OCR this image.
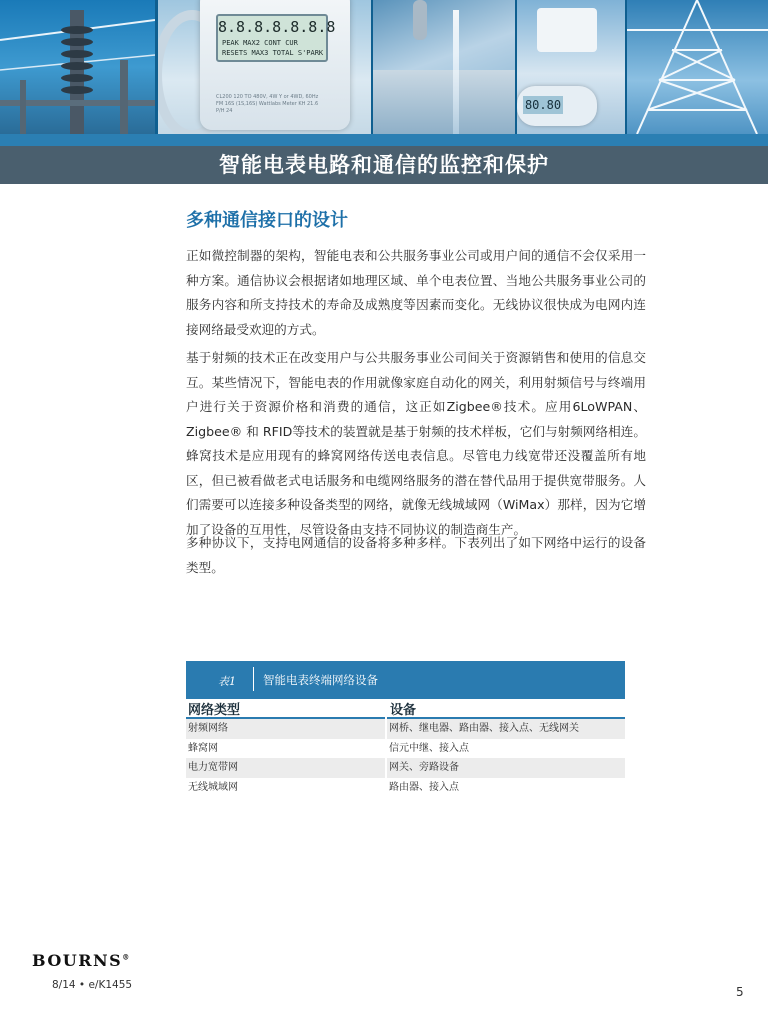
8.8.8.8.8.8.8
PEAK MAX2 CONT CUR RESETS MAX3 TOTAL S'PARK
CL200 120 TO 480V, 4W Y or 4WD, 60Hz FM 16S (1S,16S) Wattlabs Meter KH 21.6 P/H 24	80.80
智能电表电路和通信的监控和保护
多种通信接口的设计

正如微控制器的架构，智能电表和公共服务事业公司或用户间的通信不会仅采用一种方案。通信协议会根据诸如地理区域、单个电表位置、当地公共服务事业公司的服务内容和所支持技术的寿命及成熟度等因素而变化。无线协议很快成为电网内连接网络最受欢迎的方式。

基于射频的技术正在改变用户与公共服务事业公司间关于资源销售和使用的信息交互。某些情况下，智能电表的作用就像家庭自动化的网关，利用射频信号与终端用户进行关于资源价格和消费的通信，这正如Zigbee®技术。应用6LoWPAN、Zigbee® 和 RFID等技术的装置就是基于射频的技术样板，它们与射频网络相连。蜂窝技术是应用现有的蜂窝网络传送电表信息。尽管电力线宽带还没覆盖所有地区，但已被看做老式电话服务和电缆网络服务的潜在替代品用于提供宽带服务。人们需要可以连接多种设备类型的网络，就像无线城域网（WiMax）那样，因为它增加了设备的互用性，尽管设备由支持不同协议的制造商生产。

多种协议下，支持电网通信的设备将多种多样。下表列出了如下网络中运行的设备类型。

表1 智能电表终端网络设备
网络类型	设备
射频网络	网桥、继电器、路由器、接入点、无线网关
蜂窝网	信元中继、接入点
电力宽带网	网关、旁路设备
无线城域网	路由器、接入点
BOURNS®
8/14 • e/K1455	5
